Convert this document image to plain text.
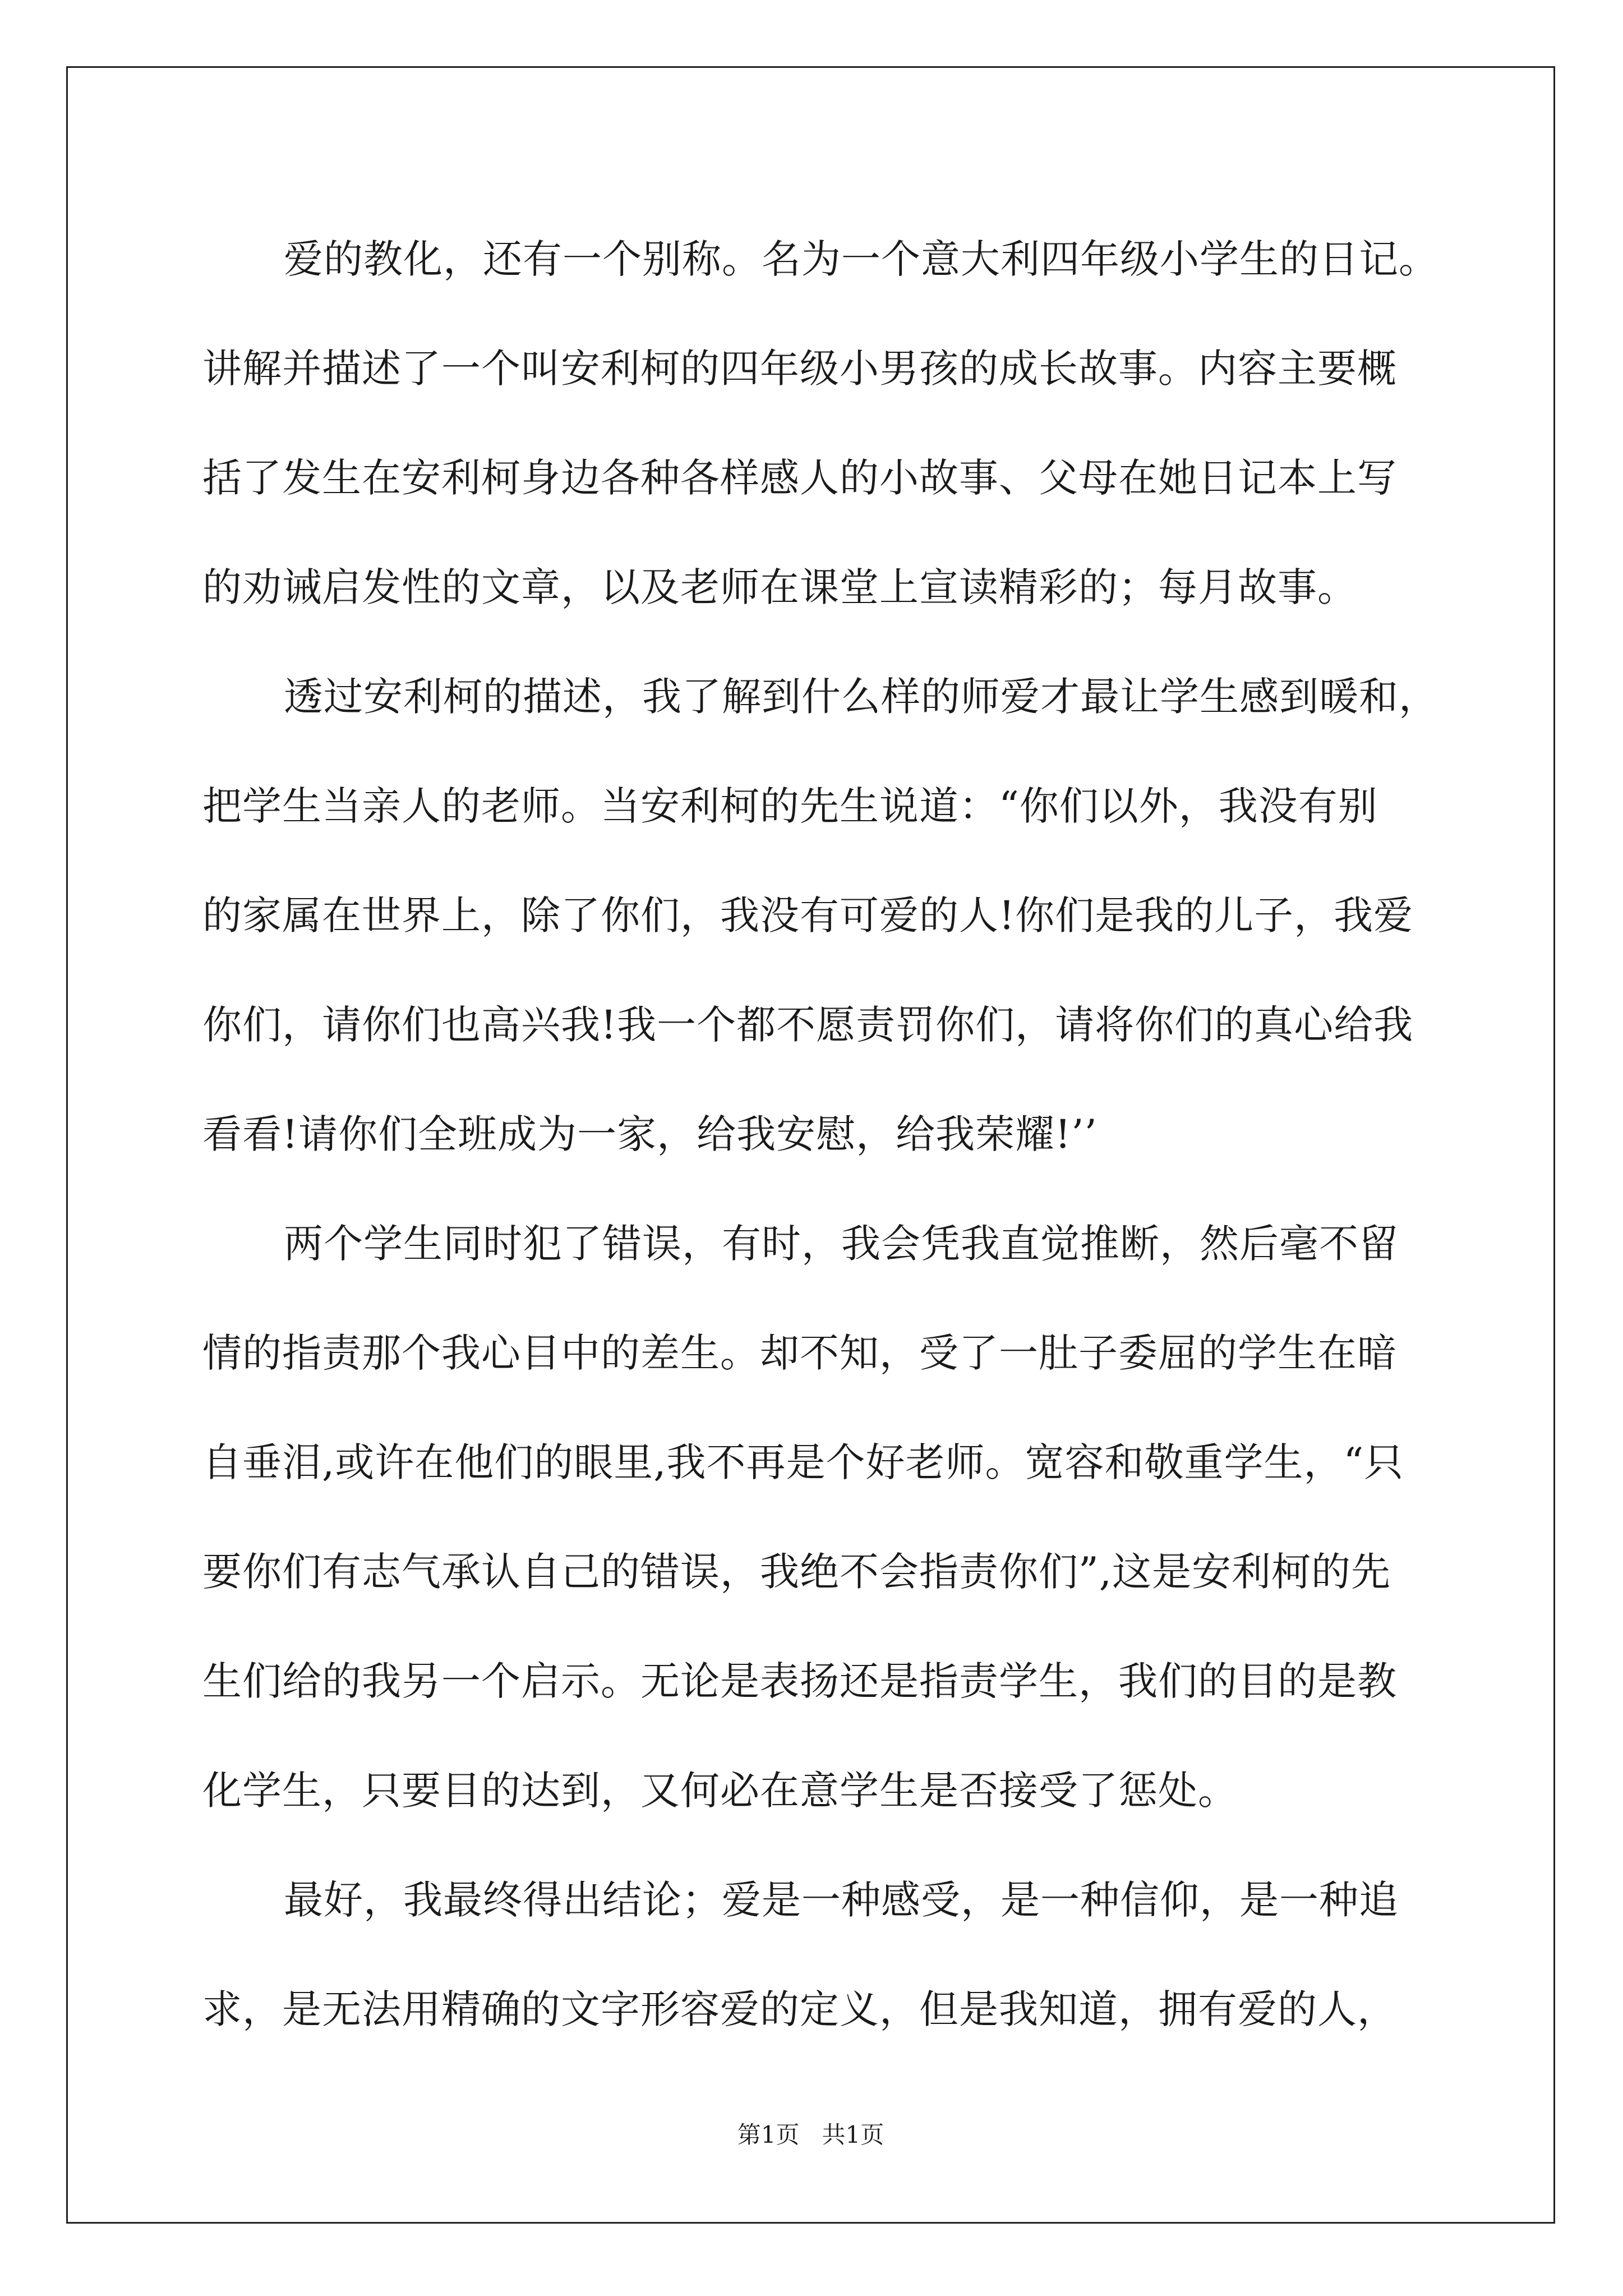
爱的教化，还有一个别称。名为一个意大利四年级小学生的日记。
讲解并描述了一个叫安利柯的四年级小男孩的成长故事。内容主要概
括了发生在安利柯身边各种各样感人的小故事、父母在她日记本上写
的劝诫启发性的文章，以及老师在课堂上宣读精彩的；每月故事。
透过安利柯的描述，我了解到什么样的师爱才最让学生感到暖和，
把学生当亲人的老师。当安利柯的先生说道：“你们以外，我没有别
的家属在世界上，除了你们，我没有可爱的人!你们是我的儿子，我爱
你们，请你们也高兴我!我一个都不愿责罚你们，请将你们的真心给我
看看!请你们全班成为一家，给我安慰，给我荣耀!’’
两个学生同时犯了错误，有时，我会凭我直觉推断，然后毫不留
情的指责那个我心目中的差生。却不知，受了一肚子委屈的学生在暗
自垂泪,或许在他们的眼里,我不再是个好老师。宽容和敬重学生，“只
要你们有志气承认自己的错误，我绝不会指责你们”,这是安利柯的先
生们给的我另一个启示。无论是表扬还是指责学生，我们的目的是教
化学生，只要目的达到，又何必在意学生是否接受了惩处。
最好，我最终得出结论；爱是一种感受，是一种信仰，是一种追
求，是无法用精确的文字形容爱的定义，但是我知道，拥有爱的人，
第1页 共1页
